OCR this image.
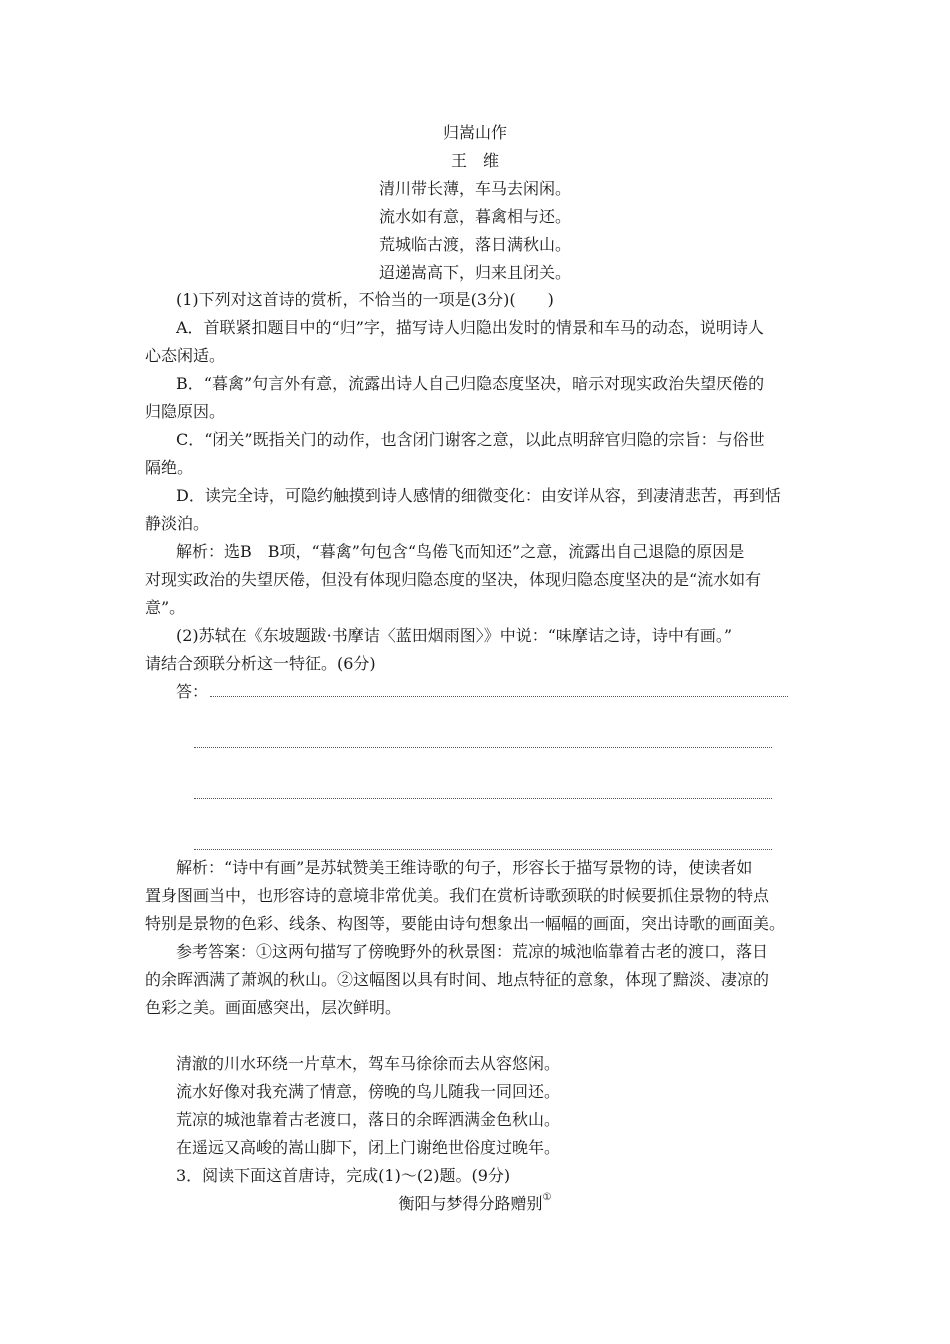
归嵩山作
王　维
清川带长薄，车马去闲闲。
流水如有意，暮禽相与还。
荒城临古渡，落日满秋山。
迢递嵩高下，归来且闭关。
(1)下列对这首诗的赏析，不恰当的一项是(3分)(　　)
A．首联紧扣题目中的“归”字，描写诗人归隐出发时的情景和车马的动态，说明诗人
心态闲适。
B．“暮禽”句言外有意，流露出诗人自己归隐态度坚决，暗示对现实政治失望厌倦的
归隐原因。
C．“闭关”既指关门的动作，也含闭门谢客之意，以此点明辞官归隐的宗旨：与俗世
隔绝。
D．读完全诗，可隐约触摸到诗人感情的细微变化：由安详从容，到凄清悲苦，再到恬
静淡泊。
解析：选B　B项，“暮禽”句包含“鸟倦飞而知还”之意，流露出自己退隐的原因是
对现实政治的失望厌倦，但没有体现归隐态度的坚决，体现归隐态度坚决的是“流水如有
意”。
(2)苏轼在《东坡题跋·书摩诘〈蓝田烟雨图〉》中说：“味摩诘之诗，诗中有画。”
请结合颈联分析这一特征。(6分)
答：
解析：“诗中有画”是苏轼赞美王维诗歌的句子，形容长于描写景物的诗，使读者如
置身图画当中，也形容诗的意境非常优美。我们在赏析诗歌颈联的时候要抓住景物的特点
特别是景物的色彩、线条、构图等，要能由诗句想象出一幅幅的画面，突出诗歌的画面美。
参考答案：①这两句描写了傍晚野外的秋景图：荒凉的城池临靠着古老的渡口，落日
的余晖洒满了萧飒的秋山。②这幅图以具有时间、地点特征的意象，体现了黯淡、凄凉的
色彩之美。画面感突出，层次鲜明。
清澈的川水环绕一片草木，驾车马徐徐而去从容悠闲。
流水好像对我充满了情意，傍晚的鸟儿随我一同回还。
荒凉的城池靠着古老渡口，落日的余晖洒满金色秋山。
在遥远又高峻的嵩山脚下，闭上门谢绝世俗度过晚年。
3．阅读下面这首唐诗，完成(1)～(2)题。(9分)
衡阳与梦得分路赠别①
